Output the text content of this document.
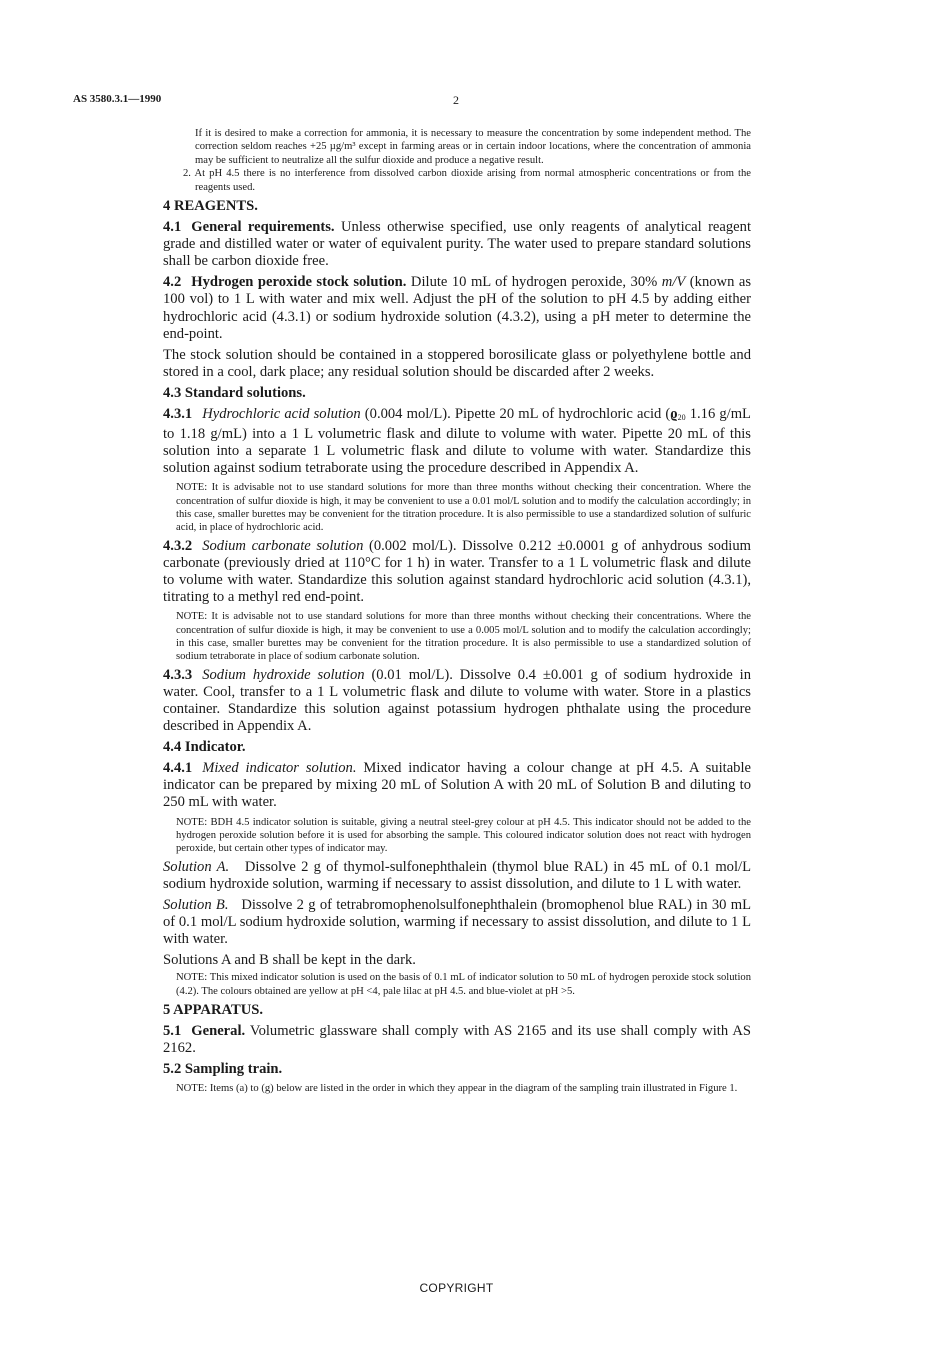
AS 3580.3.1—1990	2

If it is desired to make a correction for ammonia, it is necessary to measure the concentration by some independent method. The correction seldom reaches +25 µg/m³ except in farming areas or in certain indoor locations, where the concentration of ammonia may be sufficient to neutralize all the sulfur dioxide and produce a negative result.

2. At pH 4.5 there is no interference from dissolved carbon dioxide arising from normal atmospheric concentrations or from the reagents used.

4 REAGENTS.

4.1 General requirements. Unless otherwise specified, use only reagents of analytical reagent grade and distilled water or water of equivalent purity. The water used to prepare standard solutions shall be carbon dioxide free.

4.2 Hydrogen peroxide stock solution. Dilute 10 mL of hydrogen peroxide, 30% m/V (known as 100 vol) to 1 L with water and mix well. Adjust the pH of the solution to pH 4.5 by adding either hydrochloric acid (4.3.1) or sodium hydroxide solution (4.3.2), using a pH meter to determine the end-point.

The stock solution should be contained in a stoppered borosilicate glass or polyethylene bottle and stored in a cool, dark place; any residual solution should be discarded after 2 weeks.

4.3 Standard solutions.

4.3.1 Hydrochloric acid solution (0.004 mol/L). Pipette 20 mL of hydrochloric acid ($ϱ_{20}$ 1.16 g/mL to 1.18 g/mL) into a 1 L volumetric flask and dilute to volume with water. Pipette 20 mL of this solution into a separate 1 L volumetric flask and dilute to volume with water. Standardize this solution against sodium tetraborate using the procedure described in Appendix A.

NOTE: It is advisable not to use standard solutions for more than three months without checking their concentration. Where the concentration of sulfur dioxide is high, it may be convenient to use a 0.01 mol/L solution and to modify the calculation accordingly; in this case, smaller burettes may be convenient for the titration procedure. It is also permissible to use a standardized solution of sulfuric acid, in place of hydrochloric acid.

4.3.2 Sodium carbonate solution (0.002 mol/L). Dissolve 0.212 ±0.0001 g of anhydrous sodium carbonate (previously dried at 110°C for 1 h) in water. Transfer to a 1 L volumetric flask and dilute to volume with water. Standardize this solution against standard hydrochloric acid solution (4.3.1), titrating to a methyl red end-point.

NOTE: It is advisable not to use standard solutions for more than three months without checking their concentrations. Where the concentration of sulfur dioxide is high, it may be convenient to use a 0.005 mol/L solution and to modify the calculation accordingly; in this case, smaller burettes may be convenient for the titration procedure. It is also permissible to use a standardized solution of sodium tetraborate in place of sodium carbonate solution.

4.3.3 Sodium hydroxide solution (0.01 mol/L). Dissolve 0.4 ±0.001 g of sodium hydroxide in water. Cool, transfer to a 1 L volumetric flask and dilute to volume with water. Store in a plastics container. Standardize this solution against potassium hydrogen phthalate using the procedure described in Appendix A.

4.4 Indicator.

4.4.1 Mixed indicator solution. Mixed indicator having a colour change at pH 4.5. A suitable indicator can be prepared by mixing 20 mL of Solution A with 20 mL of Solution B and diluting to 250 mL with water.

NOTE: BDH 4.5 indicator solution is suitable, giving a neutral steel-grey colour at pH 4.5. This indicator should not be added to the hydrogen peroxide solution before it is used for absorbing the sample. This coloured indicator solution does not react with hydrogen peroxide, but certain other types of indicator may.

Solution A. Dissolve 2 g of thymol-sulfonephthalein (thymol blue RAL) in 45 mL of 0.1 mol/L sodium hydroxide solution, warming if necessary to assist dissolution, and dilute to 1 L with water.

Solution B. Dissolve 2 g of tetrabromophenolsulfonephthalein (bromophenol blue RAL) in 30 mL of 0.1 mol/L sodium hydroxide solution, warming if necessary to assist dissolution, and dilute to 1 L with water.

Solutions A and B shall be kept in the dark.

NOTE: This mixed indicator solution is used on the basis of 0.1 mL of indicator solution to 50 mL of hydrogen peroxide stock solution (4.2). The colours obtained are yellow at pH <4, pale lilac at pH 4.5. and blue-violet at pH >5.

5 APPARATUS.

5.1 General. Volumetric glassware shall comply with AS 2165 and its use shall comply with AS 2162.

5.2 Sampling train.

NOTE: Items (a) to (g) below are listed in the order in which they appear in the diagram of the sampling train illustrated in Figure 1.

COPYRIGHT
